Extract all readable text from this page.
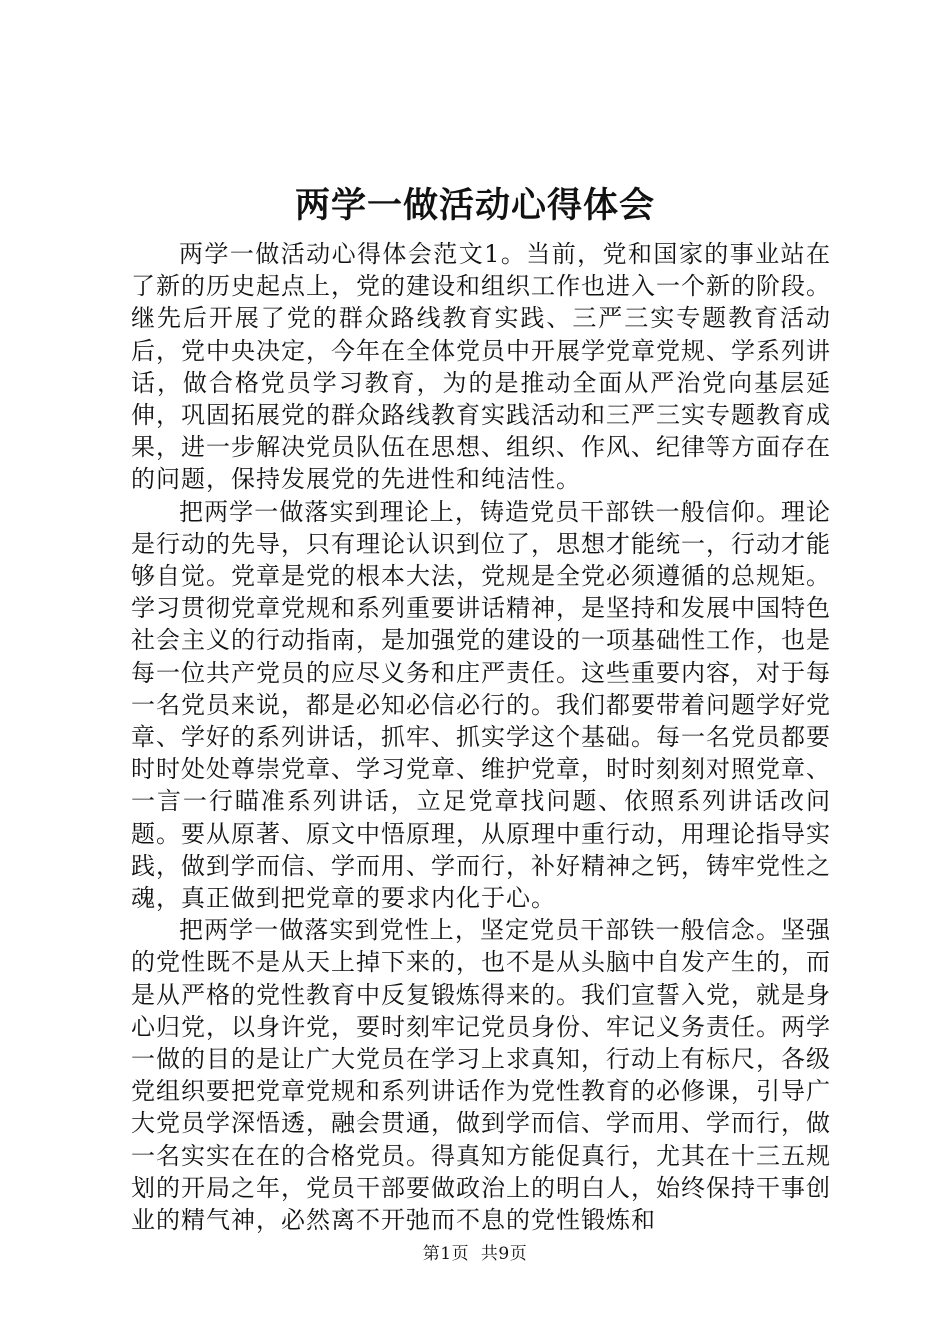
两学一做活动心得体会

两学一做活动心得体会范文1。当前，党和国家的事业站在了新的历史起点上，党的建设和组织工作也进入一个新的阶段。继先后开展了党的群众路线教育实践、三严三实专题教育活动后，党中央决定，今年在全体党员中开展学党章党规、学系列讲话，做合格党员学习教育，为的是推动全面从严治党向基层延伸，巩固拓展党的群众路线教育实践活动和三严三实专题教育成果，进一步解决党员队伍在思想、组织、作风、纪律等方面存在的问题，保持发展党的先进性和纯洁性。

把两学一做落实到理论上，铸造党员干部铁一般信仰。理论是行动的先导，只有理论认识到位了，思想才能统一，行动才能够自觉。党章是党的根本大法，党规是全党必须遵循的总规矩。学习贯彻党章党规和系列重要讲话精神，是坚持和发展中国特色社会主义的行动指南，是加强党的建设的一项基础性工作，也是每一位共产党员的应尽义务和庄严责任。这些重要内容，对于每一名党员来说，都是必知必信必行的。我们都要带着问题学好党章、学好的系列讲话，抓牢、抓实学这个基础。每一名党员都要时时处处尊崇党章、学习党章、维护党章，时时刻刻对照党章、一言一行瞄准系列讲话，立足党章找问题、依照系列讲话改问题。要从原著、原文中悟原理，从原理中重行动，用理论指导实践，做到学而信、学而用、学而行，补好精神之钙，铸牢党性之魂，真正做到把党章的要求内化于心。

把两学一做落实到党性上，坚定党员干部铁一般信念。坚强的党性既不是从天上掉下来的，也不是从头脑中自发产生的，而是从严格的党性教育中反复锻炼得来的。我们宣誓入党，就是身心归党，以身许党，要时刻牢记党员身份、牢记义务责任。两学一做的目的是让广大党员在学习上求真知，行动上有标尺，各级党组织要把党章党规和系列讲话作为党性教育的必修课，引导广大党员学深悟透，融会贯通，做到学而信、学而用、学而行，做一名实实在在的合格党员。得真知方能促真行，尤其在十三五规划的开局之年，党员干部要做政治上的明白人，始终保持干事创业的精气神，必然离不开弛而不息的党性锻炼和

第1页  共9页
